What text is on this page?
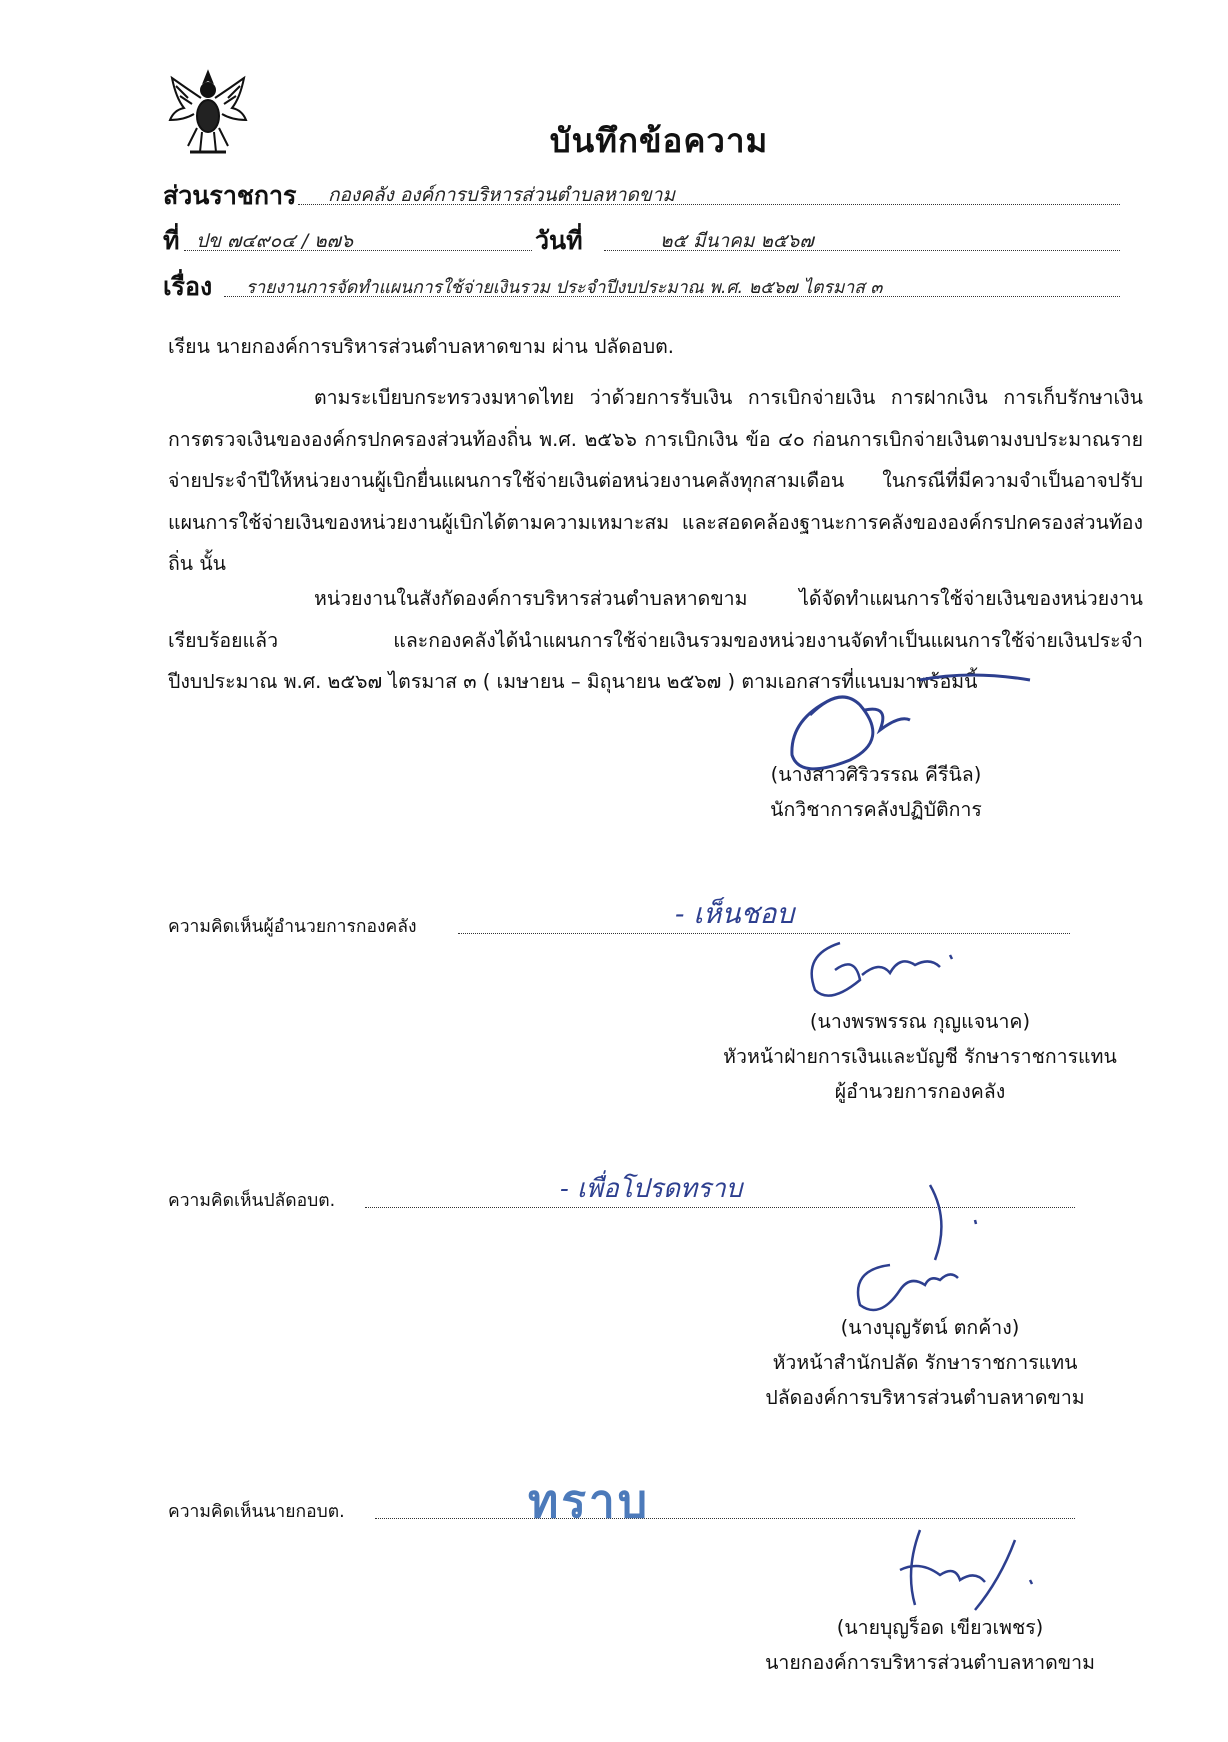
บันทึกข้อความ
ส่วนราชการ กองคลัง องค์การบริหารส่วนตำบลหาดขาม
ที่ ปข ๗๔๙๐๔ / ๒๗๖	วันที่	๒๕ มีนาคม ๒๕๖๗
เรื่อง รายงานการจัดทำแผนการใช้จ่ายเงินรวม ประจำปีงบประมาณ พ.ศ. ๒๕๖๗ ไตรมาส ๓
เรียน นายกองค์การบริหารส่วนตำบลหาดขาม ผ่าน ปลัดอบต.
ตามระเบียบกระทรวงมหาดไทย ว่าด้วยการรับเงิน การเบิกจ่ายเงิน การฝากเงิน การเก็บรักษาเงิน การตรวจเงินขององค์กรปกครองส่วนท้องถิ่น พ.ศ. ๒๕๖๖ การเบิกเงิน ข้อ ๔๐ ก่อนการเบิกจ่ายเงินตามงบประมาณรายจ่ายประจำปีให้หน่วยงานผู้เบิกยื่นแผนการใช้จ่ายเงินต่อหน่วยงานคลังทุกสามเดือน ในกรณีที่มีความจำเป็นอาจปรับแผนการใช้จ่ายเงินของหน่วยงานผู้เบิกได้ตามความเหมาะสม และสอดคล้องฐานะการคลังขององค์กรปกครองส่วนท้องถิ่น นั้น
หน่วยงานในสังกัดองค์การบริหารส่วนตำบลหาดขาม ได้จัดทำแผนการใช้จ่ายเงินของหน่วยงานเรียบร้อยแล้ว และกองคลังได้นำแผนการใช้จ่ายเงินรวมของหน่วยงานจัดทำเป็นแผนการใช้จ่ายเงินประจำปีงบประมาณ พ.ศ. ๒๕๖๗ ไตรมาส ๓ ( เมษายน – มิถุนายน ๒๕๖๗ ) ตามเอกสารที่แนบมาพร้อมนี้
(นางสาวศิริวรรณ คีรีนิล)
นักวิชาการคลังปฏิบัติการ
ความคิดเห็นผู้อำนวยการกองคลัง	- เห็นชอบ
(นางพรพรรณ กุญแจนาค)
หัวหน้าฝ่ายการเงินและบัญชี รักษาราชการแทน
ผู้อำนวยการกองคลัง
ความคิดเห็นปลัดอบต.	- เพื่อโปรดทราบ
(นางบุญรัตน์ ตกค้าง)
หัวหน้าสำนักปลัด รักษาราชการแทน
ปลัดองค์การบริหารส่วนตำบลหาดขาม
ความคิดเห็นนายกอบต.	ทราบ
(นายบุญร็อด เขียวเพชร)
นายกองค์การบริหารส่วนตำบลหาดขาม
